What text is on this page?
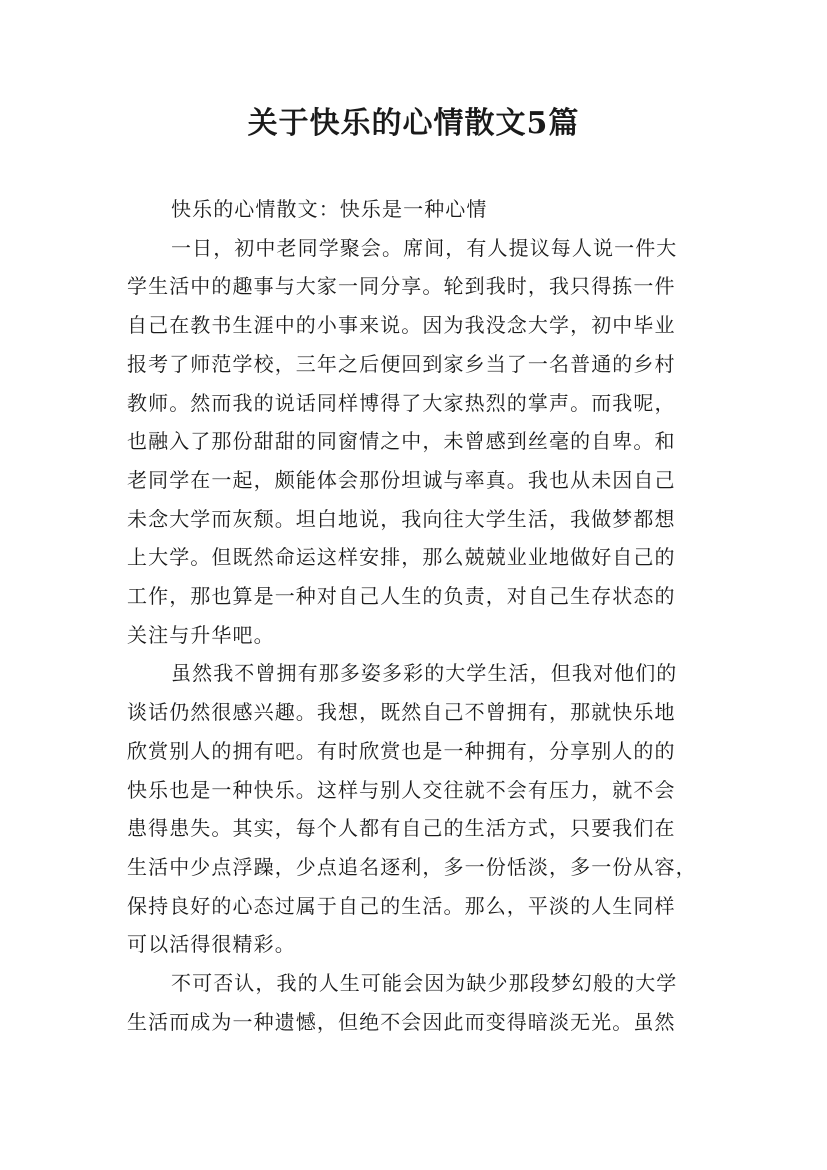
关于快乐的心情散文5篇
快乐的心情散文：快乐是一种心情
一日，初中老同学聚会。席间，有人提议每人说一件大
学生活中的趣事与大家一同分享。轮到我时，我只得拣一件
自己在教书生涯中的小事来说。因为我没念大学，初中毕业
报考了师范学校，三年之后便回到家乡当了一名普通的乡村
教师。然而我的说话同样博得了大家热烈的掌声。而我呢，
也融入了那份甜甜的同窗情之中，未曾感到丝毫的自卑。和
老同学在一起，颇能体会那份坦诚与率真。我也从未因自己
未念大学而灰颓。坦白地说，我向往大学生活，我做梦都想
上大学。但既然命运这样安排，那么兢兢业业地做好自己的
工作，那也算是一种对自己人生的负责，对自己生存状态的
关注与升华吧。
虽然我不曾拥有那多姿多彩的大学生活，但我对他们的
谈话仍然很感兴趣。我想，既然自己不曾拥有，那就快乐地
欣赏别人的拥有吧。有时欣赏也是一种拥有，分享别人的的
快乐也是一种快乐。这样与别人交往就不会有压力，就不会
患得患失。其实，每个人都有自己的生活方式，只要我们在
生活中少点浮躁，少点追名逐利，多一份恬淡，多一份从容，
保持良好的心态过属于自己的生活。那么，平淡的人生同样
可以活得很精彩。
不可否认，我的人生可能会因为缺少那段梦幻般的大学
生活而成为一种遗憾，但绝不会因此而变得暗淡无光。虽然
